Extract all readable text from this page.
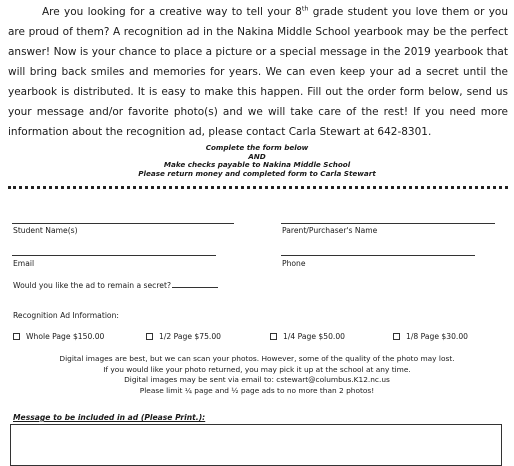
Are you looking for a creative way to tell your 8th grade student you love them or you are proud of them? A recognition ad in the Nakina Middle School yearbook may be the perfect answer! Now is your chance to place a picture or a special message in the 2019 yearbook that will bring back smiles and memories for years. We can even keep your ad a secret until the yearbook is distributed. It is easy to make this happen. Fill out the order form below, send us your message and/or favorite photo(s) and we will take care of the rest! If you need more information about the recognition ad, please contact Carla Stewart at 642-8301.

Complete the form below
AND
Make checks payable to Nakina Middle School
Please return money and completed form to Carla Stewart
Student Name(s)	Parent/Purchaser's Name
Email	Phone
Would you like the ad to remain a secret?
Recognition Ad Information:
Whole Page $150.00	1/2 Page $75.00	1/4 Page $50.00	1/8 Page $30.00
Digital images are best, but we can scan your photos. However, some of the quality of the photo may lost.
If you would like your photo returned, you may pick it up at the school at any time.
Digital images may be sent via email to: cstewart@columbus.K12.nc.us
Please limit ¼ page and ½ page ads to no more than 2 photos!
Message to be included in ad (Please Print.):
